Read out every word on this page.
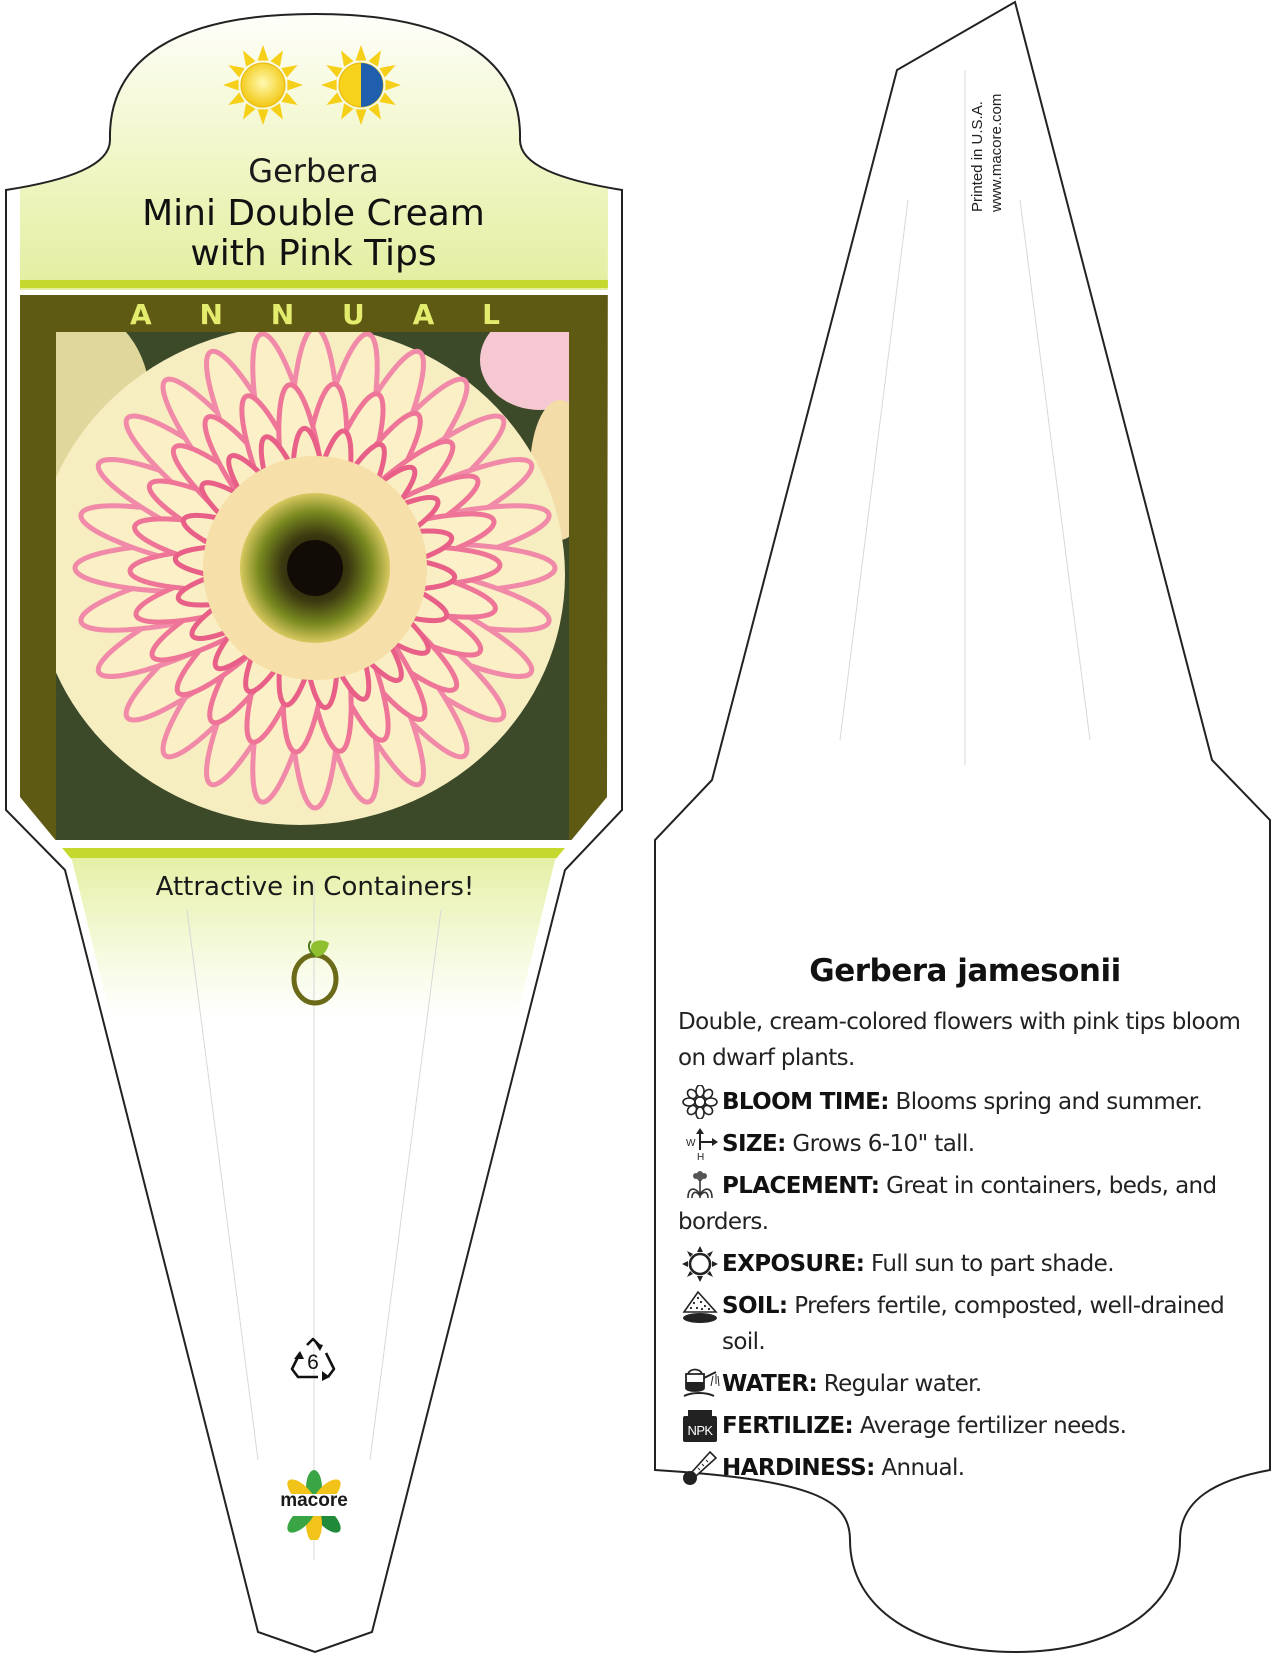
Gerbera
Mini Double Cream
with Pink Tips
A N N U A L
Attractive in Containers!
6
macore
Printed in U.S.A. www.macore.com
Gerbera jamesonii
Double, cream-colored flowers with pink tips bloom on dwarf plants.
BLOOM TIME: Blooms spring and summer.
W
H
SIZE: Grows 6-10" tall.
PLACEMENT: Great in containers, beds, and borders.
EXPOSURE: Full sun to part shade.
SOIL: Prefers fertile, composted, well-drained soil.
WATER: Regular water.
NPK FERTILIZE: Average fertilizer needs.
HARDINESS: Annual.
